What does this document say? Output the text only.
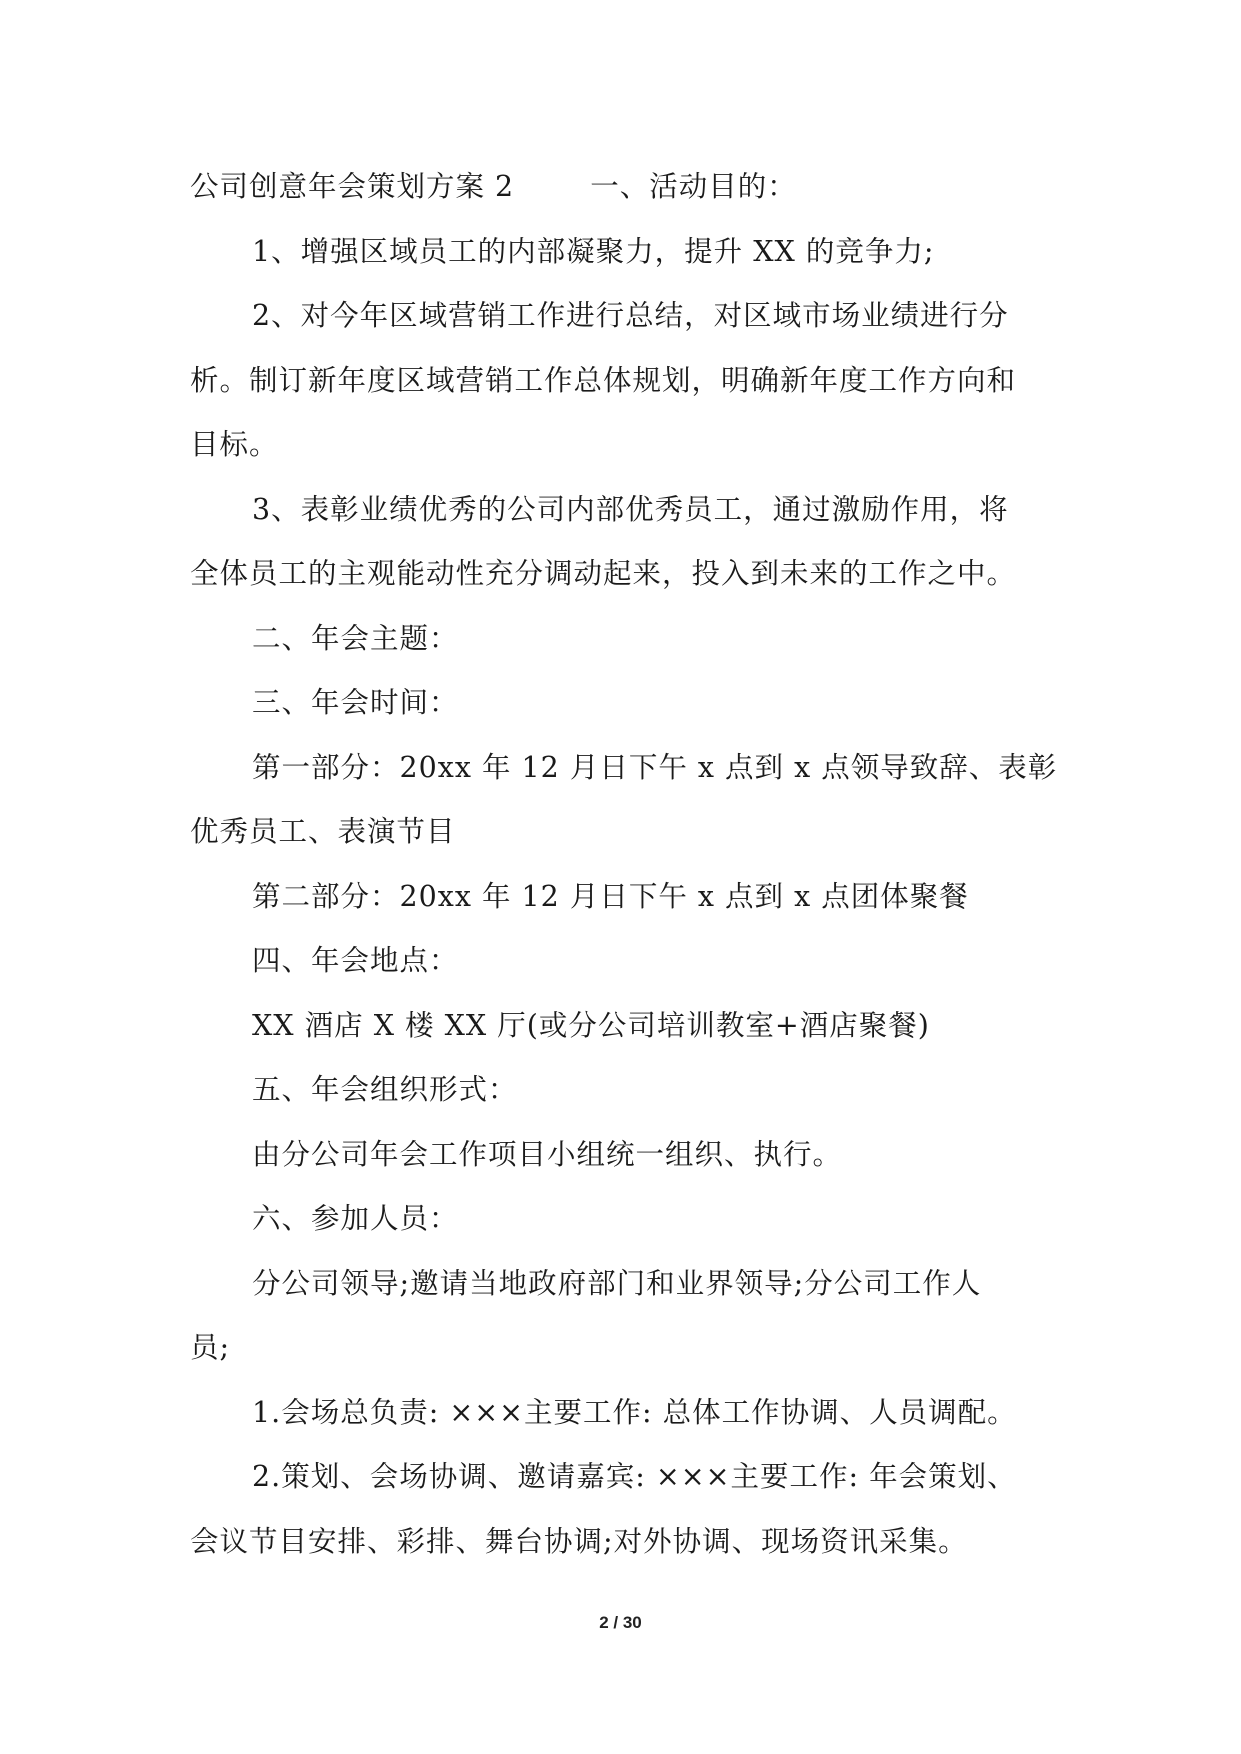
公司创意年会策划方案 2	一、活动目的：
1、增强区域员工的内部凝聚力，提升 XX 的竞争力;
2、对今年区域营销工作进行总结，对区域市场业绩进行分
析。制订新年度区域营销工作总体规划，明确新年度工作方向和
目标。
3、表彰业绩优秀的公司内部优秀员工，通过激励作用，将
全体员工的主观能动性充分调动起来，投入到未来的工作之中。
二、年会主题：
三、年会时间：
第一部分：20xx 年 12 月日下午 x 点到 x 点领导致辞、表彰
优秀员工、表演节目
第二部分：20xx 年 12 月日下午 x 点到 x 点团体聚餐
四、年会地点：
XX 酒店 X 楼 XX 厅(或分公司培训教室+酒店聚餐)
五、年会组织形式：
由分公司年会工作项目小组统一组织、执行。
六、参加人员：
分公司领导;邀请当地政府部门和业界领导;分公司工作人
员;
1.会场总负责: ×××主要工作: 总体工作协调、人员调配。
2.策划、会场协调、邀请嘉宾: ×××主要工作: 年会策划、
会议节目安排、彩排、舞台协调;对外协调、现场资讯采集。
2 / 30
